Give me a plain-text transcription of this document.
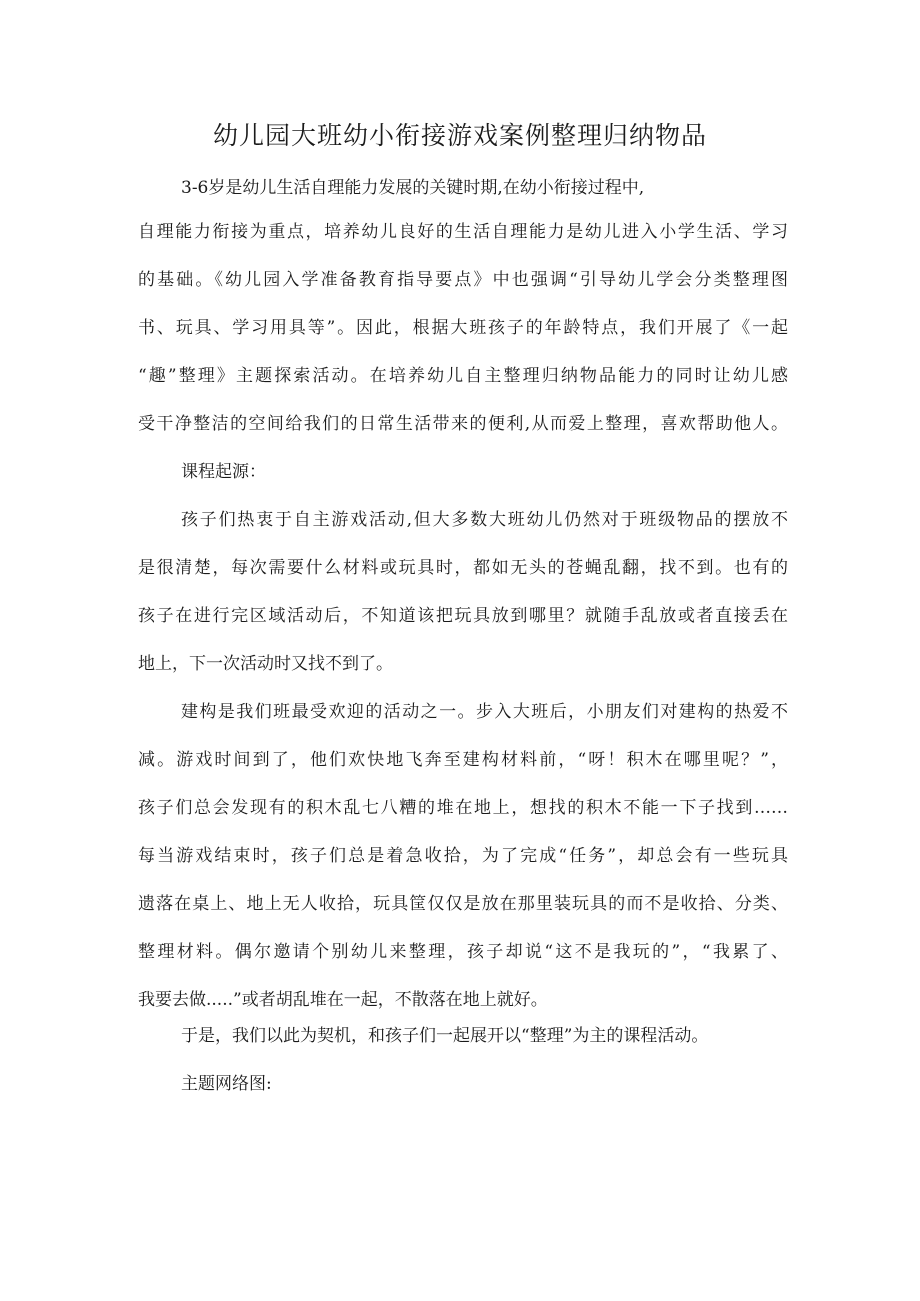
幼儿园大班幼小衔接游戏案例整理归纳物品
3-6岁是幼儿生活自理能力发展的关键时期,在幼小衔接过程中,
自理能力衔接为重点，培养幼儿良好的生活自理能力是幼儿进入小学生活、学习
的基础。《幼儿园入学准备教育指导要点》中也强调“引导幼儿学会分类整理图
书、玩具、学习用具等”。因此，根据大班孩子的年龄特点，我们开展了《一起
“趣”整理》主题探索活动。在培养幼儿自主整理归纳物品能力的同时让幼儿感
受干净整洁的空间给我们的日常生活带来的便利,从而爱上整理，喜欢帮助他人。
课程起源：
孩子们热衷于自主游戏活动,但大多数大班幼儿仍然对于班级物品的摆放不
是很清楚，每次需要什么材料或玩具时，都如无头的苍蝇乱翻，找不到。也有的
孩子在进行完区域活动后，不知道该把玩具放到哪里？就随手乱放或者直接丢在
地上，下一次活动时又找不到了。
建构是我们班最受欢迎的活动之一。步入大班后，小朋友们对建构的热爱不
减。游戏时间到了，他们欢快地飞奔至建构材料前，“呀！积木在哪里呢？”，
孩子们总会发现有的积木乱七八糟的堆在地上，想找的积木不能一下子找到……
每当游戏结束时，孩子们总是着急收拾，为了完成“任务”，却总会有一些玩具
遗落在桌上、地上无人收拾，玩具筐仅仅是放在那里装玩具的而不是收拾、分类、
整理材料。偶尔邀请个别幼儿来整理，孩子却说“这不是我玩的”，“我累了、
我要去做.....”或者胡乱堆在一起，不散落在地上就好。
于是，我们以此为契机，和孩子们一起展开以“整理”为主的课程活动。
主题网络图:
